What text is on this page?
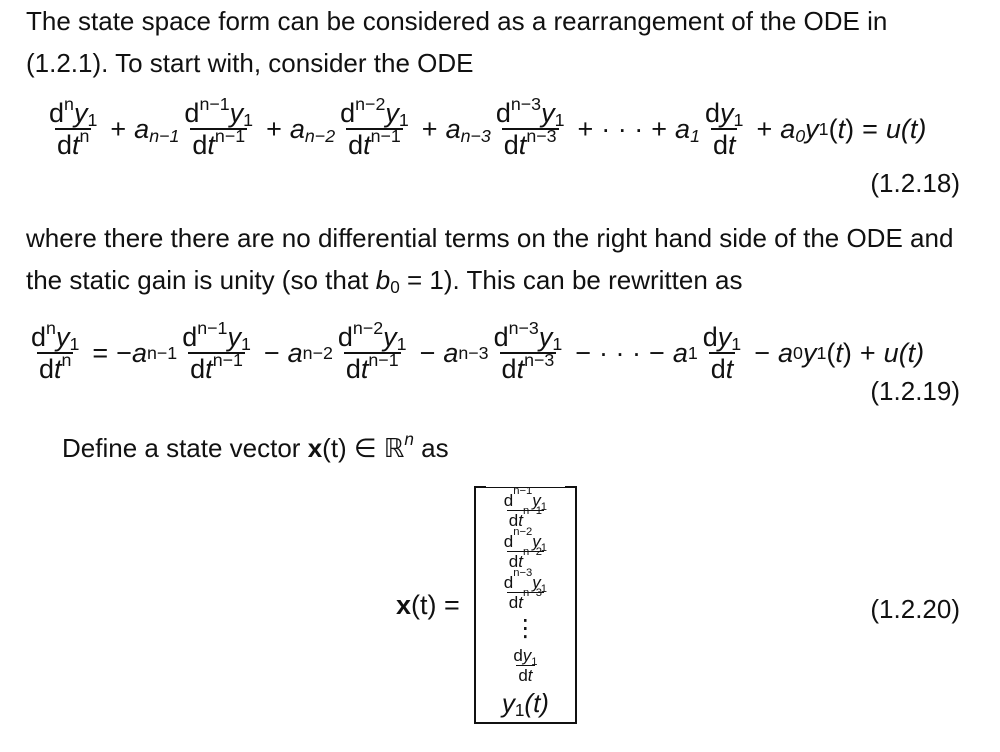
The state space form can be considered as a rearrangement of the ODE in (1.2.1). To start with, consider the ODE

$\frac{d^ny_1}{dt^n} + a_{n-1} \frac{d^{n-1}y_1}{dt^{n-1}} + a_{n-2} \frac{d^{n-2}y_1}{dt^{n-1}} + a_{n-3} \frac{d^{n-3}y_1}{dt^{n-3}}$ + · · · + $a_1 \frac{dy_1}{dt} + a_0$ y 1 ( t ) = u(t)
(1.2.18)

where there there are no differential terms on the right hand side of the ODE and the static gain is unity (so that $b_0 = 1$). This can be rewritten as

$\frac{d^ny_1}{dt^n}$ = − a $n-1 \frac{d^{n-1}y_1}{dt^{n-1}} - a$ $n-2 \frac{d^{n-2}y_1}{dt^{n-1}} - a$ $n-3 \frac{d^{n-3}y_1}{dt^{n-3}}$ − · · · − a $1 \frac{dy_1}{dt} - a$ 0 y 1 ( t ) + u(t)
(1.2.19)

Define a state vector x(t) ∈ ℝ$^n$ as

x(t) =
$\frac{d^{n-1}y_1}{dt^{n-1}}$
$\frac{d^{n-2}y_1}{dt^{n-2}}$
$\frac{d^{n-3}y_1}{dt^{n-3}}$
⋮
$\frac{dy_1}{dt}$
$y_1(t)$
(1.2.20)
